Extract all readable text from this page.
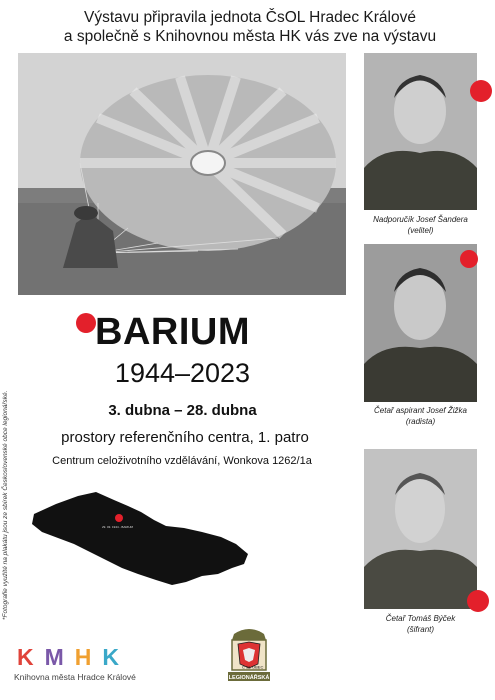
Výstavu připravila jednota ČsOL Hradec Králové
a společně s Knihovnou města HK vás zve na výstavu
Nadporučík Josef Šandera
(velitel)
Četař aspirant Josef Žižka
(radista)
Četař Tomáš Býček
(šifrant)
BARIUM
1944–2023
3. dubna – 28. dubna
prostory referenčního centra, 1. patro
Centrum celoživotního vzdělávání, Wonkova 1262/1a
*Fotografie využité na plakátu jsou ze sbírek Československé obce legionářské.	29. 03. 1944 - BARIUM
K M H K
Knihovna města Hradce Králové
Č SL OBEC
LEGIONÁŘSKÁ
